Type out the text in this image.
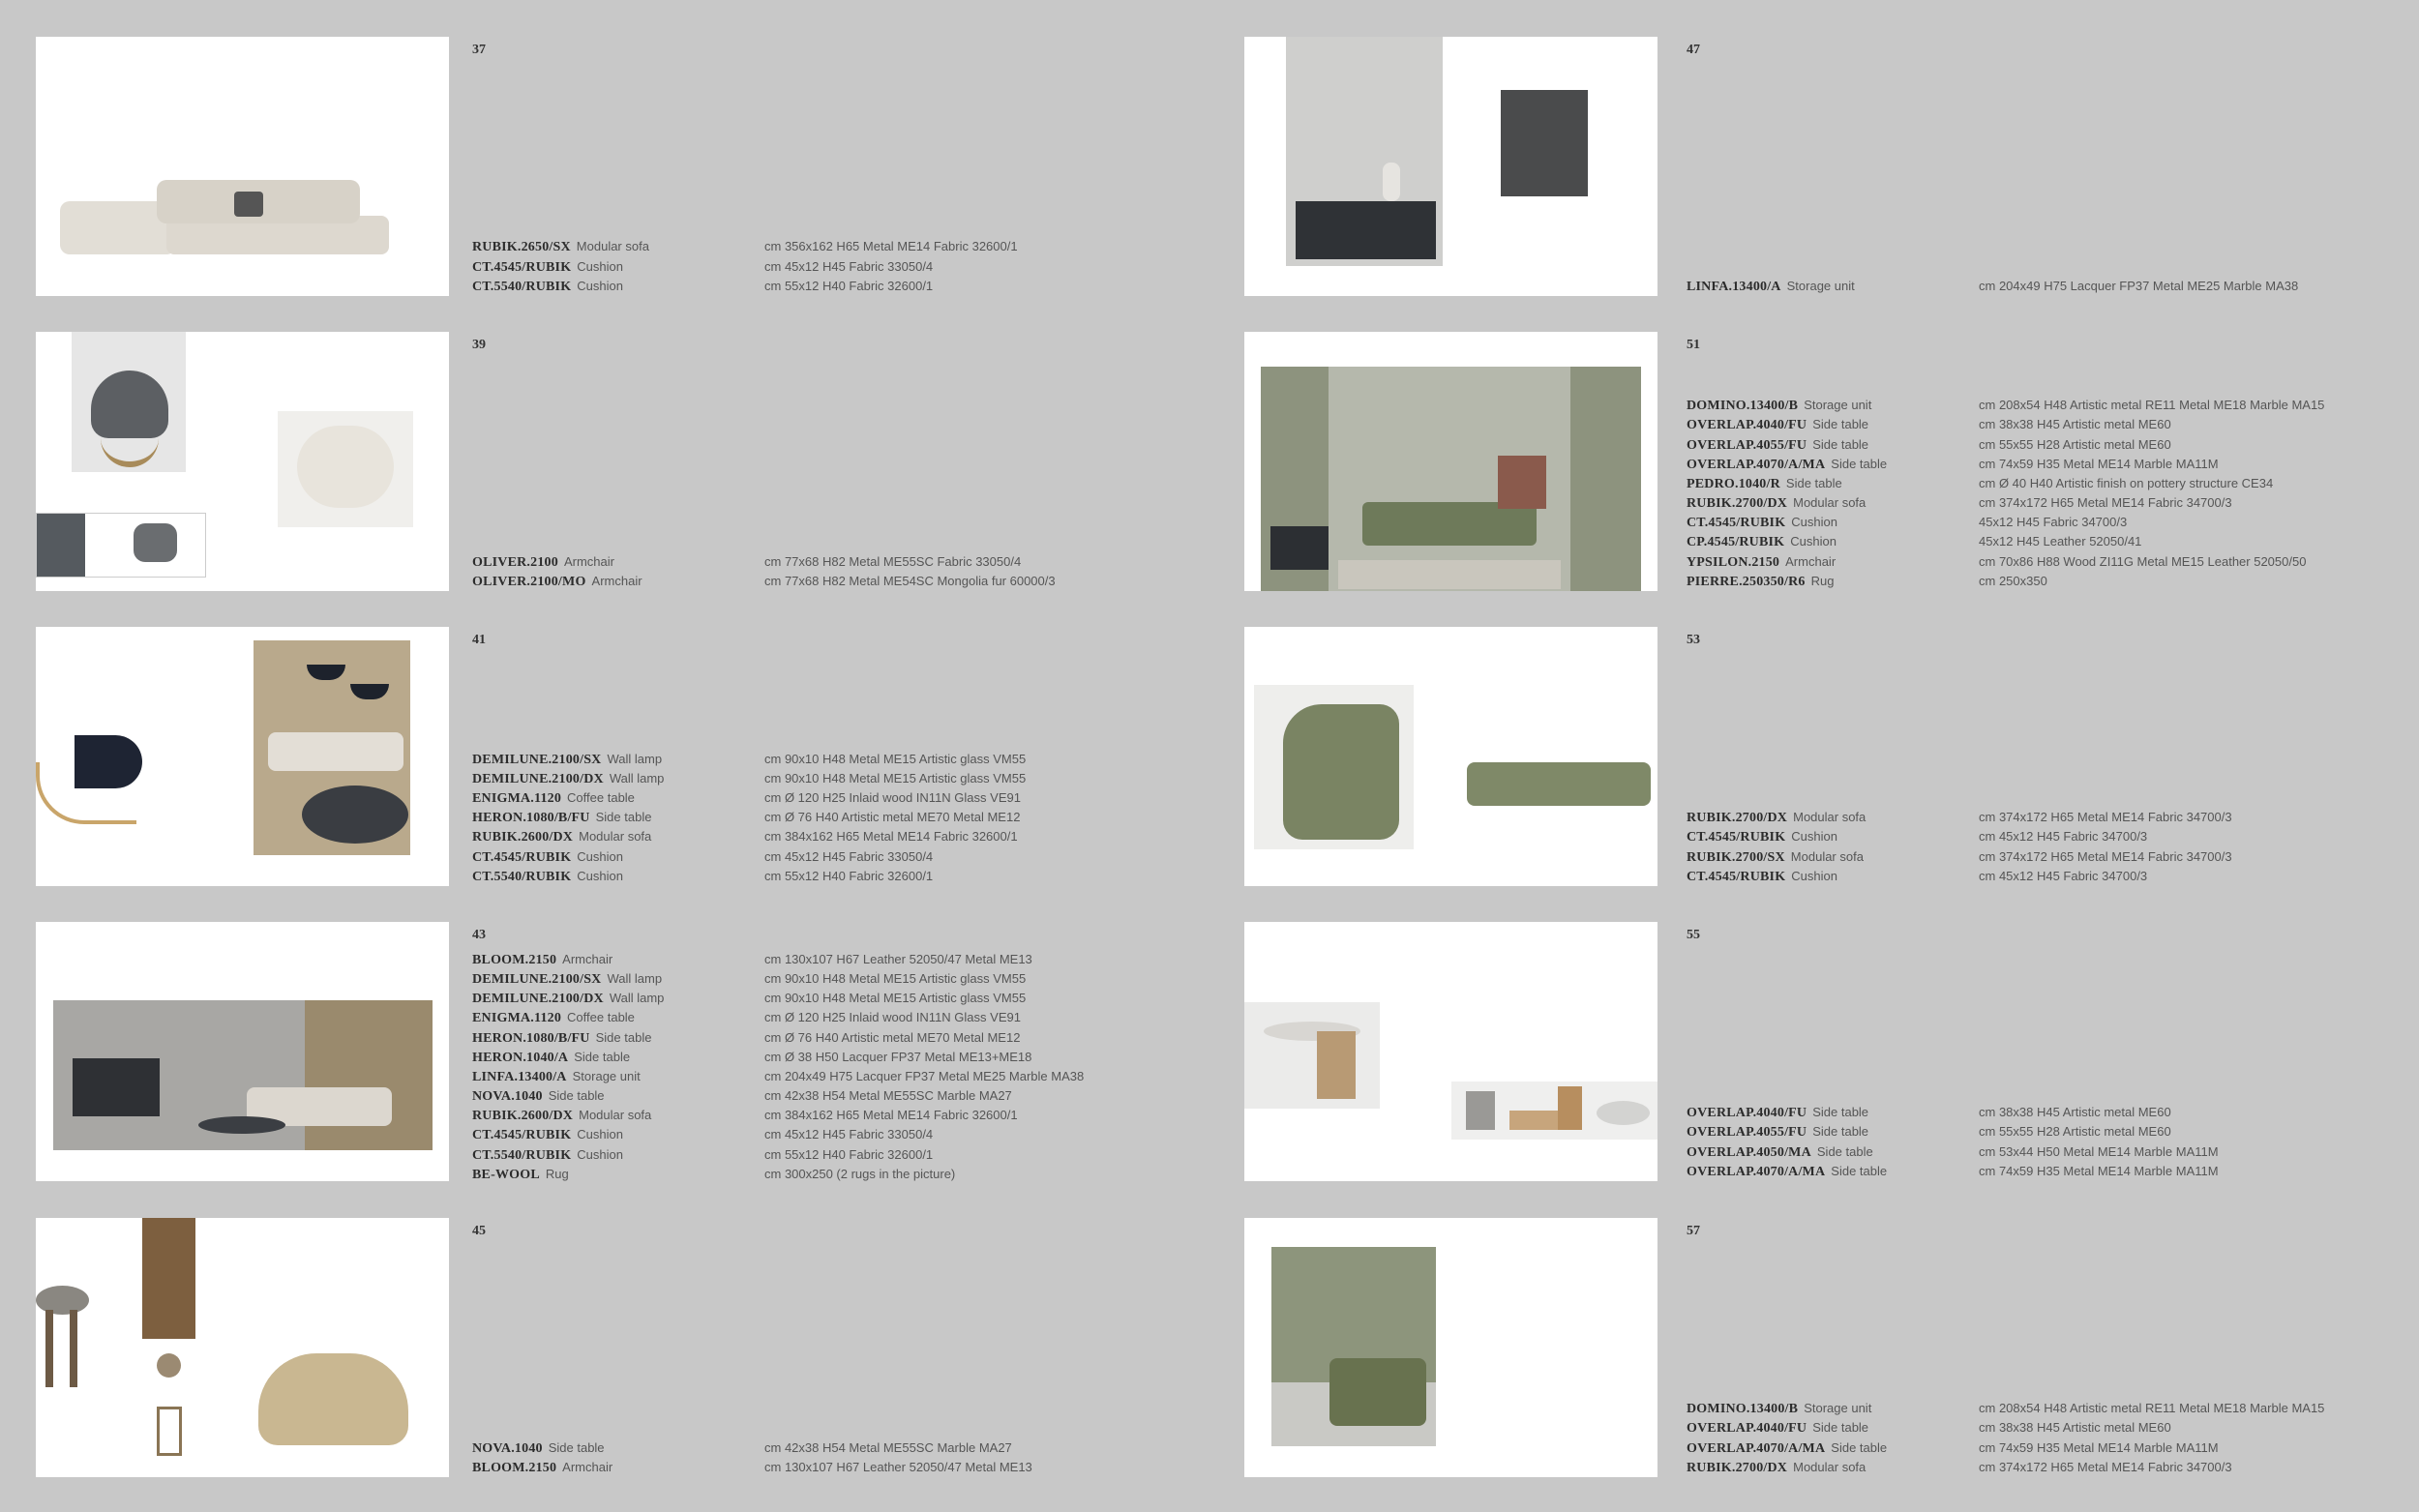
37
RUBIK.2650/SX Modular sofa	cm 356x162 H65 Metal ME14 Fabric 32600/1
CT.4545/RUBIK Cushion	cm 45x12 H45 Fabric 33050/4
CT.5540/RUBIK Cushion	cm 55x12 H40 Fabric 32600/1
39
OLIVER.2100 Armchair	cm 77x68 H82 Metal ME55SC Fabric 33050/4
OLIVER.2100/MO Armchair	cm 77x68 H82 Metal ME54SC Mongolia fur 60000/3
41
DEMILUNE.2100/SX Wall lamp	cm 90x10 H48 Metal ME15 Artistic glass VM55
DEMILUNE.2100/DX Wall lamp	cm 90x10 H48 Metal ME15 Artistic glass VM55
ENIGMA.1120 Coffee table	cm Ø 120 H25 Inlaid wood IN11N Glass VE91
HERON.1080/B/FU Side table	cm Ø 76 H40 Artistic metal ME70 Metal ME12
RUBIK.2600/DX Modular sofa	cm 384x162 H65 Metal ME14 Fabric 32600/1
CT.4545/RUBIK Cushion	cm 45x12 H45 Fabric 33050/4
CT.5540/RUBIK Cushion	cm 55x12 H40 Fabric 32600/1
43
BLOOM.2150 Armchair	cm 130x107 H67 Leather 52050/47 Metal ME13
DEMILUNE.2100/SX Wall lamp	cm 90x10 H48 Metal ME15 Artistic glass VM55
DEMILUNE.2100/DX Wall lamp	cm 90x10 H48 Metal ME15 Artistic glass VM55
ENIGMA.1120 Coffee table	cm Ø 120 H25 Inlaid wood IN11N Glass VE91
HERON.1080/B/FU Side table	cm Ø 76 H40 Artistic metal ME70 Metal ME12
HERON.1040/A Side table	cm Ø 38 H50 Lacquer FP37 Metal ME13+ME18
LINFA.13400/A Storage unit	cm 204x49 H75 Lacquer FP37 Metal ME25 Marble MA38
NOVA.1040 Side table	cm 42x38 H54 Metal ME55SC Marble MA27
RUBIK.2600/DX Modular sofa	cm 384x162 H65 Metal ME14 Fabric 32600/1
CT.4545/RUBIK Cushion	cm 45x12 H45 Fabric 33050/4
CT.5540/RUBIK Cushion	cm 55x12 H40 Fabric 32600/1
BE-WOOL Rug	cm 300x250 (2 rugs in the picture)
45
NOVA.1040 Side table	cm 42x38 H54 Metal ME55SC Marble MA27
BLOOM.2150 Armchair	cm 130x107 H67 Leather 52050/47 Metal ME13
47
LINFA.13400/A Storage unit	cm 204x49 H75 Lacquer FP37 Metal ME25 Marble MA38
51
DOMINO.13400/B Storage unit	cm 208x54 H48 Artistic metal RE11 Metal ME18 Marble MA15
OVERLAP.4040/FU Side table	cm 38x38 H45 Artistic metal ME60
OVERLAP.4055/FU Side table	cm 55x55 H28 Artistic metal ME60
OVERLAP.4070/A/MA Side table	cm 74x59 H35 Metal ME14 Marble MA11M
PEDRO.1040/R Side table	cm Ø 40 H40 Artistic finish on pottery structure CE34
RUBIK.2700/DX Modular sofa	cm 374x172 H65 Metal ME14 Fabric 34700/3
CT.4545/RUBIK Cushion	45x12 H45 Fabric 34700/3
CP.4545/RUBIK Cushion	45x12 H45 Leather 52050/41
YPSILON.2150 Armchair	cm 70x86 H88 Wood ZI11G Metal ME15 Leather 52050/50
PIERRE.250350/R6 Rug	cm 250x350
53
RUBIK.2700/DX Modular sofa	cm 374x172 H65 Metal ME14 Fabric 34700/3
CT.4545/RUBIK Cushion	cm 45x12 H45 Fabric 34700/3
RUBIK.2700/SX Modular sofa	cm 374x172 H65 Metal ME14 Fabric 34700/3
CT.4545/RUBIK Cushion	cm 45x12 H45 Fabric 34700/3
55
OVERLAP.4040/FU Side table	cm 38x38 H45 Artistic metal ME60
OVERLAP.4055/FU Side table	cm 55x55 H28 Artistic metal ME60
OVERLAP.4050/MA Side table	cm 53x44 H50 Metal ME14 Marble MA11M
OVERLAP.4070/A/MA Side table	cm 74x59 H35 Metal ME14 Marble MA11M
57
DOMINO.13400/B Storage unit	cm 208x54 H48 Artistic metal RE11 Metal ME18 Marble MA15
OVERLAP.4040/FU Side table	cm 38x38 H45 Artistic metal ME60
OVERLAP.4070/A/MA Side table	cm 74x59 H35 Metal ME14 Marble MA11M
RUBIK.2700/DX Modular sofa	cm 374x172 H65 Metal ME14 Fabric 34700/3
